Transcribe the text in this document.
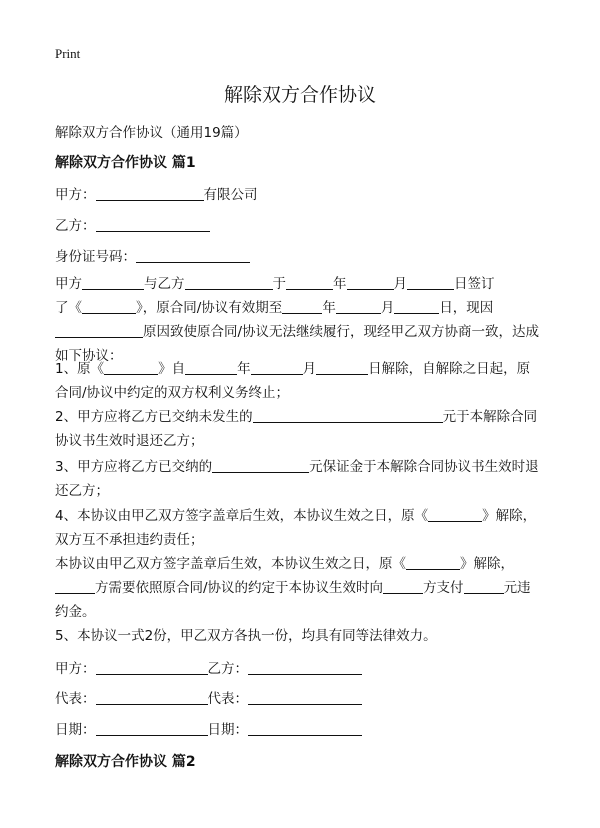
Print
解除双方合作协议
解除双方合作协议（通用19篇）
解除双方合作协议 篇1
甲方：	有限公司
乙方：
身份证号码：
甲方	与乙方	于	年	月	日签订
了《	》，原合同/协议有效期至	年	月	日，现因
原因致使原合同/协议无法继续履行，现经甲乙双方协商一致，达成
如下协议：
1、原《	》自	年	月	日解除，自解除之日起，原
合同/协议中约定的双方权利义务终止；
2、甲方应将乙方已交纳未发生的	元于本解除合同
协议书生效时退还乙方；
3、甲方应将乙方已交纳的	元保证金于本解除合同协议书生效时退
还乙方；
4、本协议由甲乙双方签字盖章后生效，本协议生效之日，原《	》解除，
双方互不承担违约责任；
本协议由甲乙双方签字盖章后生效，本协议生效之日，原《	》解除，
方需要依照原合同/协议的约定于本协议生效时向	方支付	元违
约金。
5、本协议一式2份，甲乙双方各执一份，均具有同等法律效力。
甲方：	乙方：
代表：	代表：
日期：	日期：
解除双方合作协议 篇2
